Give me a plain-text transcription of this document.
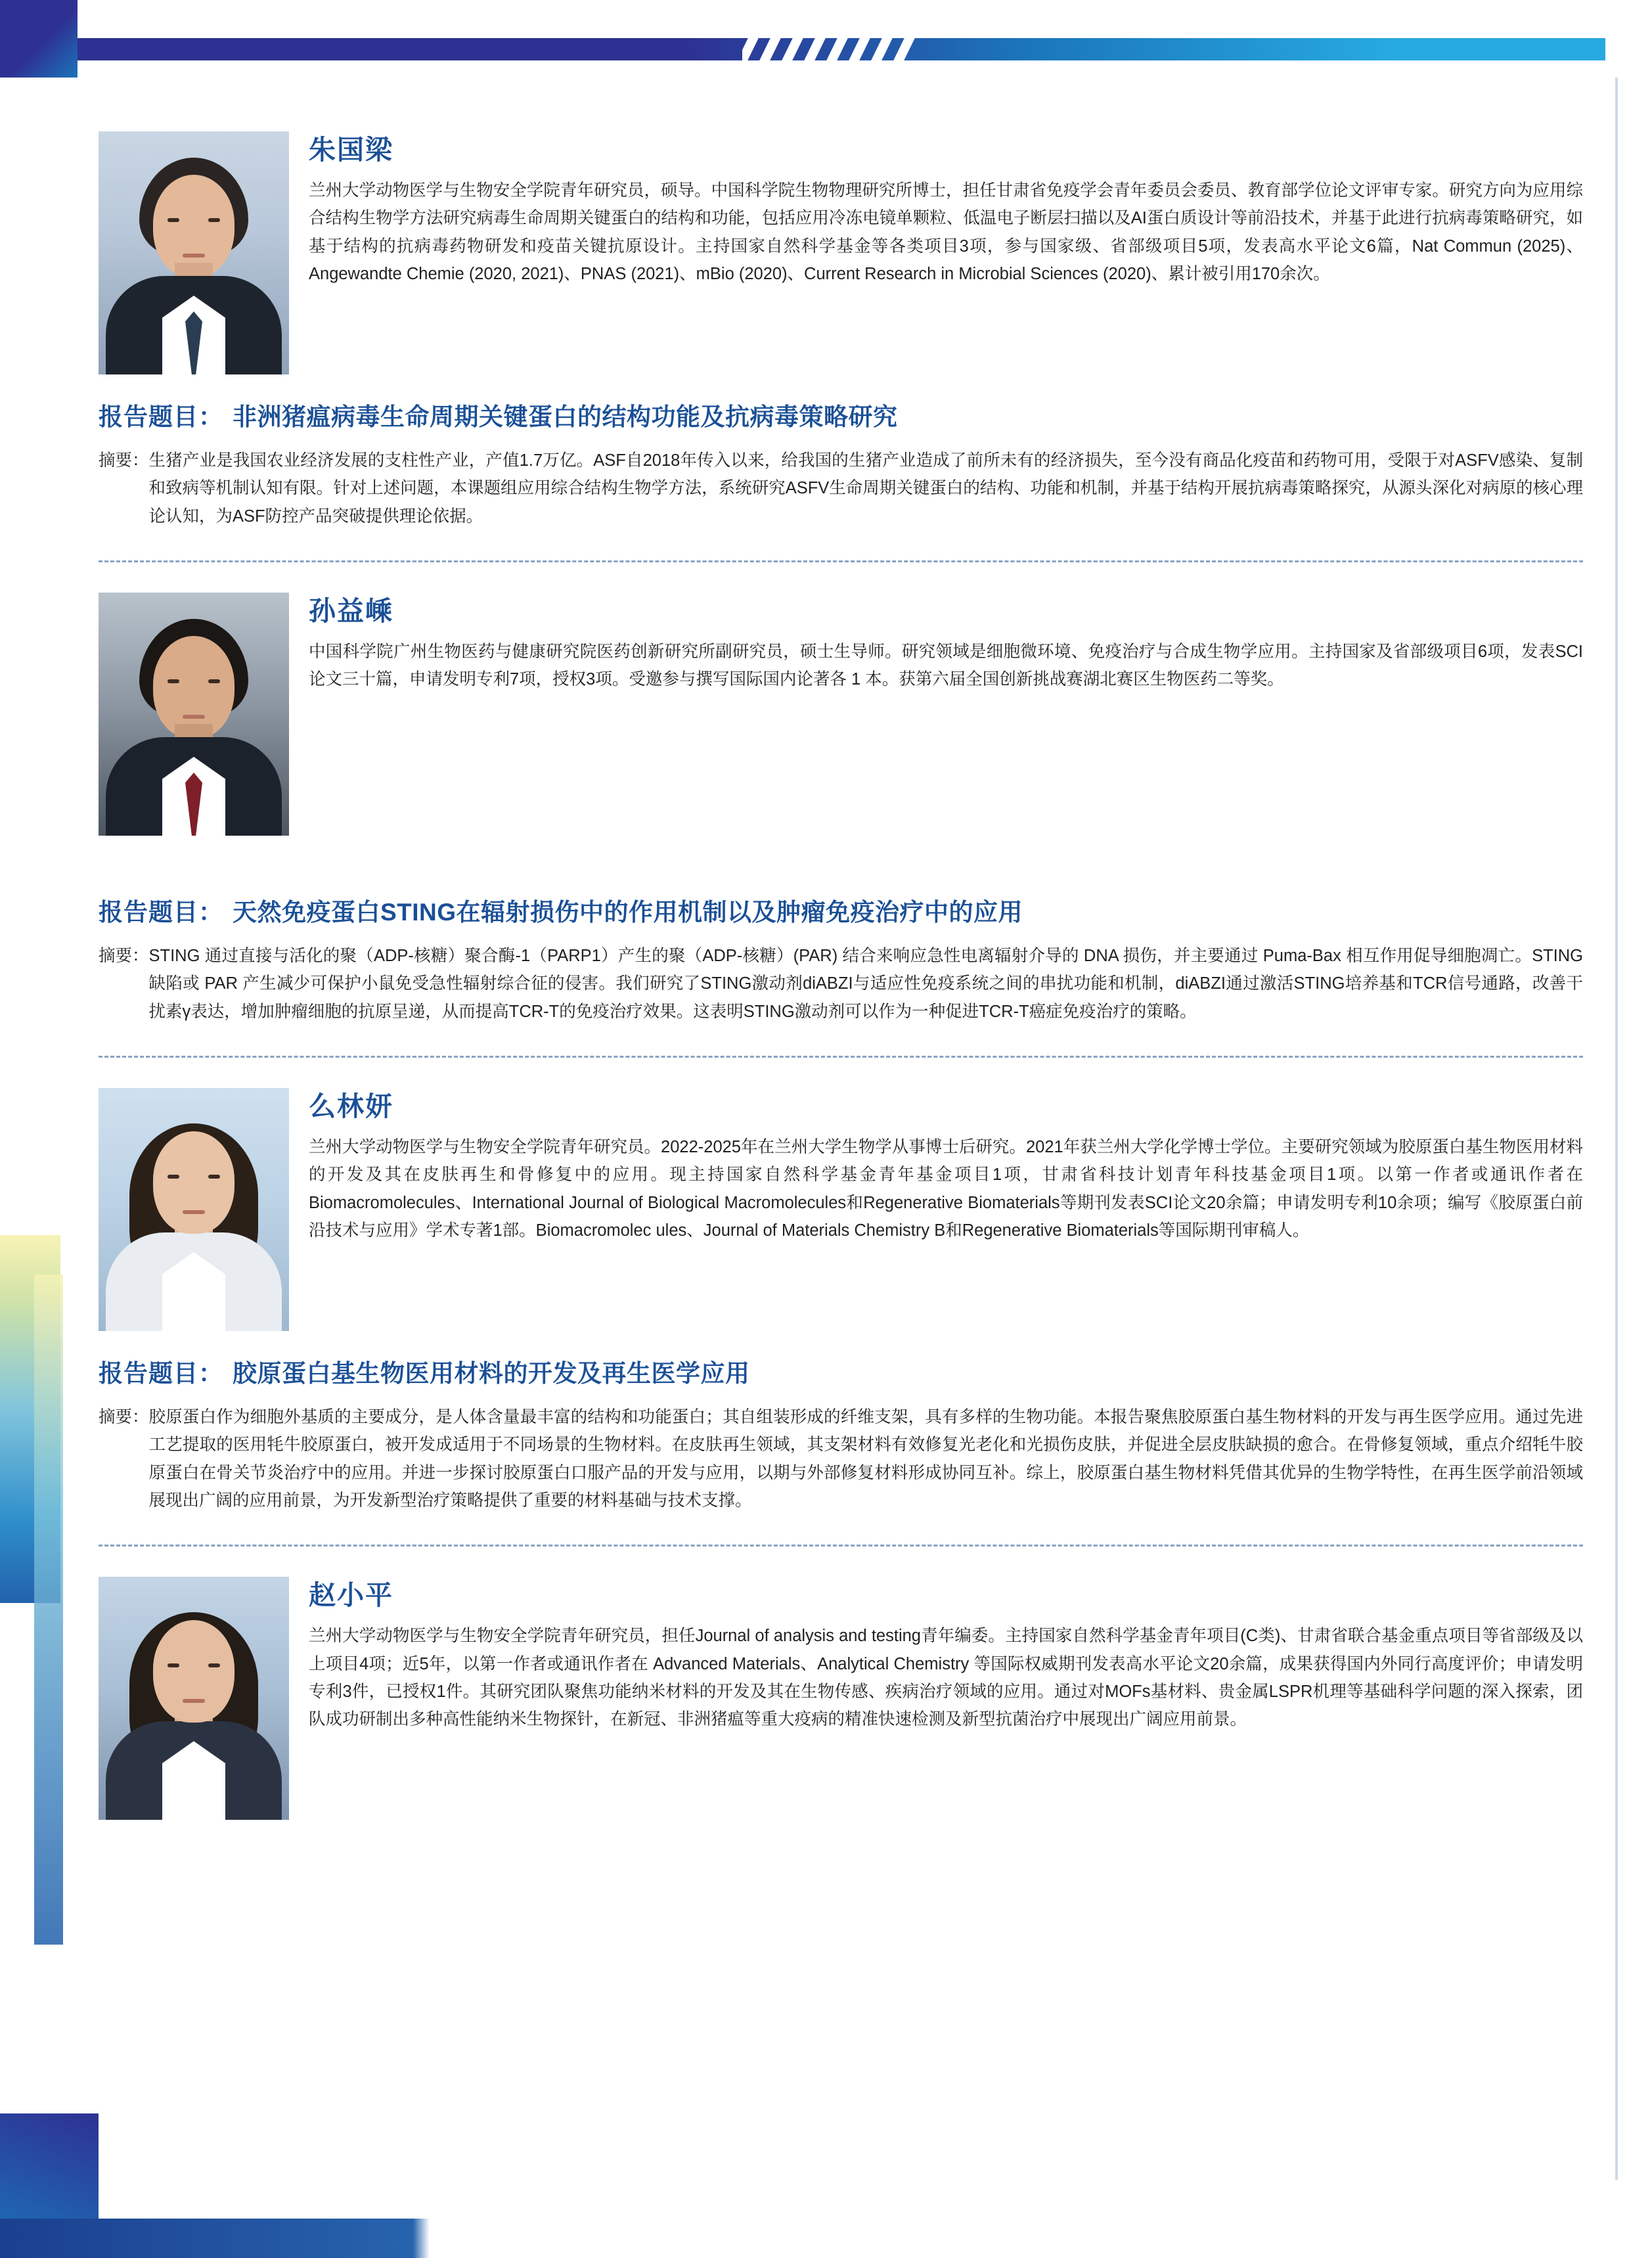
朱国梁

兰州大学动物医学与生物安全学院青年研究员，硕导。中国科学院生物物理研究所博士，担任甘肃省免疫学会青年委员会委员、教育部学位论文评审专家。研究方向为应用综合结构生物学方法研究病毒生命周期关键蛋白的结构和功能，包括应用冷冻电镜单颗粒、低温电子断层扫描以及AI蛋白质设计等前沿技术，并基于此进行抗病毒策略研究，如基于结构的抗病毒药物研发和疫苗关键抗原设计。主持国家自然科学基金等各类项目3项，参与国家级、省部级项目5项，发表高水平论文6篇，Nat Commun (2025)、Angewandte Chemie (2020, 2021)、PNAS (2021)、mBio (2020)、Current Research in Microbial Sciences (2020)、累计被引用170余次。

报告题目： 非洲猪瘟病毒生命周期关键蛋白的结构功能及抗病毒策略研究
摘要： 生猪产业是我国农业经济发展的支柱性产业，产值1.7万亿。ASF自2018年传入以来，给我国的生猪产业造成了前所未有的经济损失，至今没有商品化疫苗和药物可用，受限于对ASFV感染、复制和致病等机制认知有限。针对上述问题，本课题组应用综合结构生物学方法，系统研究ASFV生命周期关键蛋白的结构、功能和机制，并基于结构开展抗病毒策略探究，从源头深化对病原的核心理论认知，为ASF防控产品突破提供理论依据。
孙益嵊

中国科学院广州生物医药与健康研究院医药创新研究所副研究员，硕士生导师。研究领域是细胞微环境、免疫治疗与合成生物学应用。主持国家及省部级项目6项，发表SCI论文三十篇，申请发明专利7项，授权3项。受邀参与撰写国际国内论著各 1 本。获第六届全国创新挑战赛湖北赛区生物医药二等奖。

报告题目： 天然免疫蛋白STING在辐射损伤中的作用机制以及肿瘤免疫治疗中的应用
摘要： STING 通过直接与活化的聚（ADP-核糖）聚合酶-1（PARP1）产生的聚（ADP-核糖）(PAR) 结合来响应急性电离辐射介导的 DNA 损伤，并主要通过 Puma-Bax 相互作用促导细胞凋亡。STING 缺陷或 PAR 产生减少可保护小鼠免受急性辐射综合征的侵害。我们研究了STING激动剂diABZI与适应性免疫系统之间的串扰功能和机制，diABZI通过激活STING培养基和TCR信号通路，改善干扰素γ表达，增加肿瘤细胞的抗原呈递，从而提高TCR-T的免疫治疗效果。这表明STING激动剂可以作为一种促进TCR-T癌症免疫治疗的策略。
么林妍

兰州大学动物医学与生物安全学院青年研究员。2022-2025年在兰州大学生物学从事博士后研究。2021年获兰州大学化学博士学位。主要研究领域为胶原蛋白基生物医用材料的开发及其在皮肤再生和骨修复中的应用。现主持国家自然科学基金青年基金项目1项，甘肃省科技计划青年科技基金项目1项。以第一作者或通讯作者在Biomacromolecules、International Journal of Biological Macromolecules和Regenerative Biomaterials等期刊发表SCI论文20余篇；申请发明专利10余项；编写《胶原蛋白前沿技术与应用》学术专著1部。Biomacromolec ules、Journal of Materials Chemistry B和Regenerative Biomaterials等国际期刊审稿人。

报告题目： 胶原蛋白基生物医用材料的开发及再生医学应用
摘要： 胶原蛋白作为细胞外基质的主要成分，是人体含量最丰富的结构和功能蛋白；其自组装形成的纤维支架，具有多样的生物功能。本报告聚焦胶原蛋白基生物材料的开发与再生医学应用。通过先进工艺提取的医用牦牛胶原蛋白，被开发成适用于不同场景的生物材料。在皮肤再生领域，其支架材料有效修复光老化和光损伤皮肤，并促进全层皮肤缺损的愈合。在骨修复领域，重点介绍牦牛胶原蛋白在骨关节炎治疗中的应用。并进一步探讨胶原蛋白口服产品的开发与应用，以期与外部修复材料形成协同互补。综上，胶原蛋白基生物材料凭借其优异的生物学特性，在再生医学前沿领域展现出广阔的应用前景，为开发新型治疗策略提供了重要的材料基础与技术支撑。
赵小平

兰州大学动物医学与生物安全学院青年研究员，担任Journal of analysis and testing青年编委。主持国家自然科学基金青年项目(C类)、甘肃省联合基金重点项目等省部级及以上项目4项；近5年，以第一作者或通讯作者在 Advanced Materials、Analytical Chemistry 等国际权威期刊发表高水平论文20余篇，成果获得国内外同行高度评价；申请发明专利3件，已授权1件。其研究团队聚焦功能纳米材料的开发及其在生物传感、疾病治疗领域的应用。通过对MOFs基材料、贵金属LSPR机理等基础科学问题的深入探索，团队成功研制出多种高性能纳米生物探针，在新冠、非洲猪瘟等重大疫病的精准快速检测及新型抗菌治疗中展现出广阔应用前景。
